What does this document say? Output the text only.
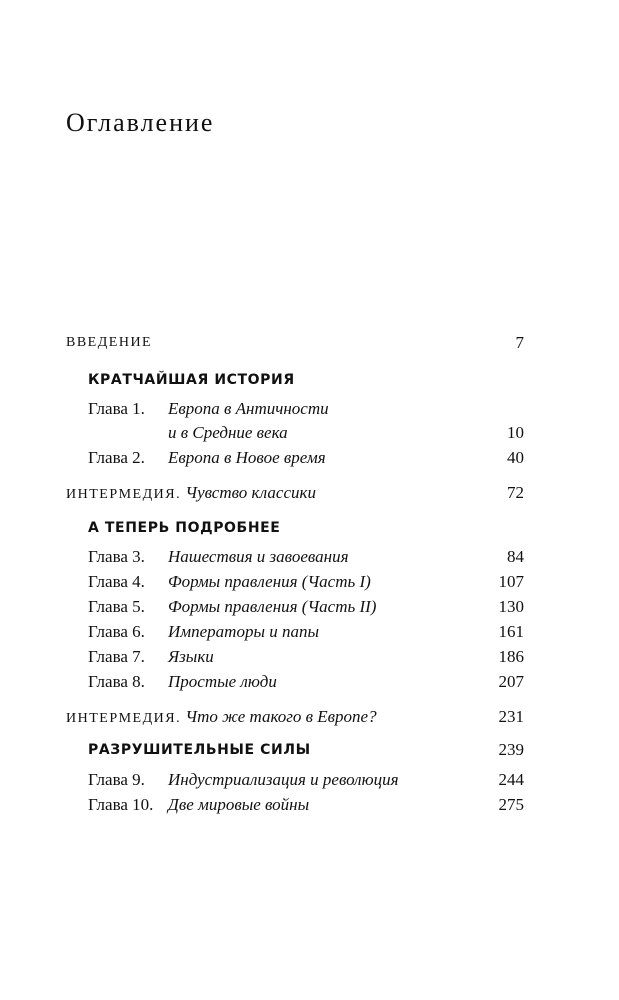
Оглавление
ВВЕДЕНИЕ	7
КРАТЧАЙШАЯ ИСТОРИЯ
Глава 1. Европа в Античности
и в Средние века	10
Глава 2. Европа в Новое время	40
ИНТЕРМЕДИЯ. Чувство классики	72
А ТЕПЕРЬ ПОДРОБНЕЕ
Глава 3. Нашествия и завоевания	84
Глава 4. Формы правления (Часть I)	107
Глава 5. Формы правления (Часть II)	130
Глава 6. Императоры и папы	161
Глава 7. Языки	186
Глава 8. Простые люди	207
ИНТЕРМЕДИЯ. Что же такого в Европе?	231
РАЗРУШИТЕЛЬНЫЕ СИЛЫ	239
Глава 9. Индустриализация и революция	244
Глава 10. Две мировые войны	275
